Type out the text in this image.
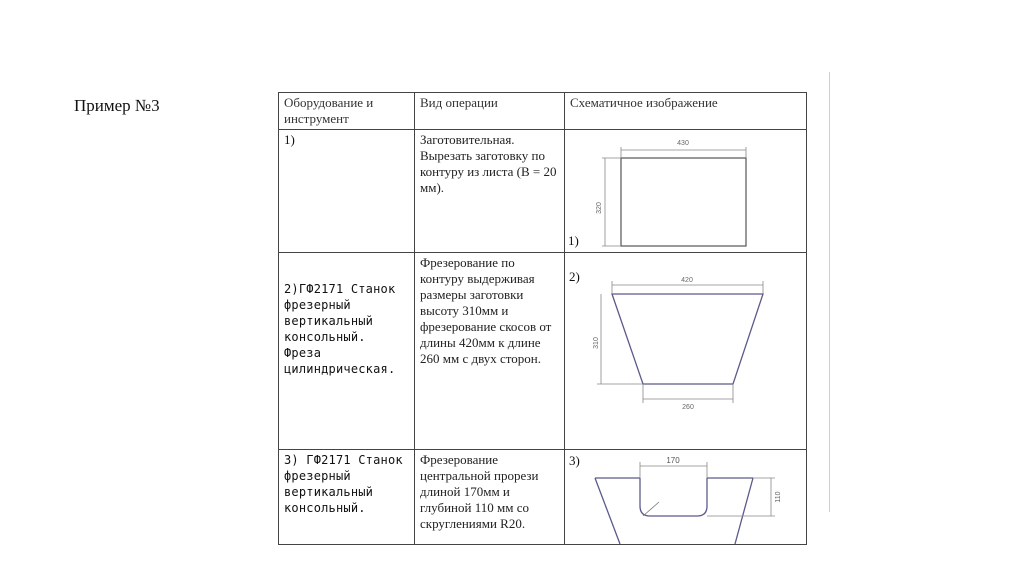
Пример №3	Оборудование и инструмент	Вид операции	Схематичное изображение
1)	Заготовительная. Вырезать заготовку по контуру из листа (В = 20 мм).	430
320
1)

2)ГФ2171 Станок фрезерный вертикальный консольный. Фреза цилиндрическая.	Фрезерование по контуру выдерживая размеры заготовки высоту 310мм и фрезерование скосов от длины 420мм к длине 260 мм с двух сторон.	420
310
260
2)

3) ГФ2171 Станок фрезерный вертикальный консольный.	Фрезерование центральной прорези длиной 170мм и глубиной 110 мм со скруглениями R20.	170
110
3)
